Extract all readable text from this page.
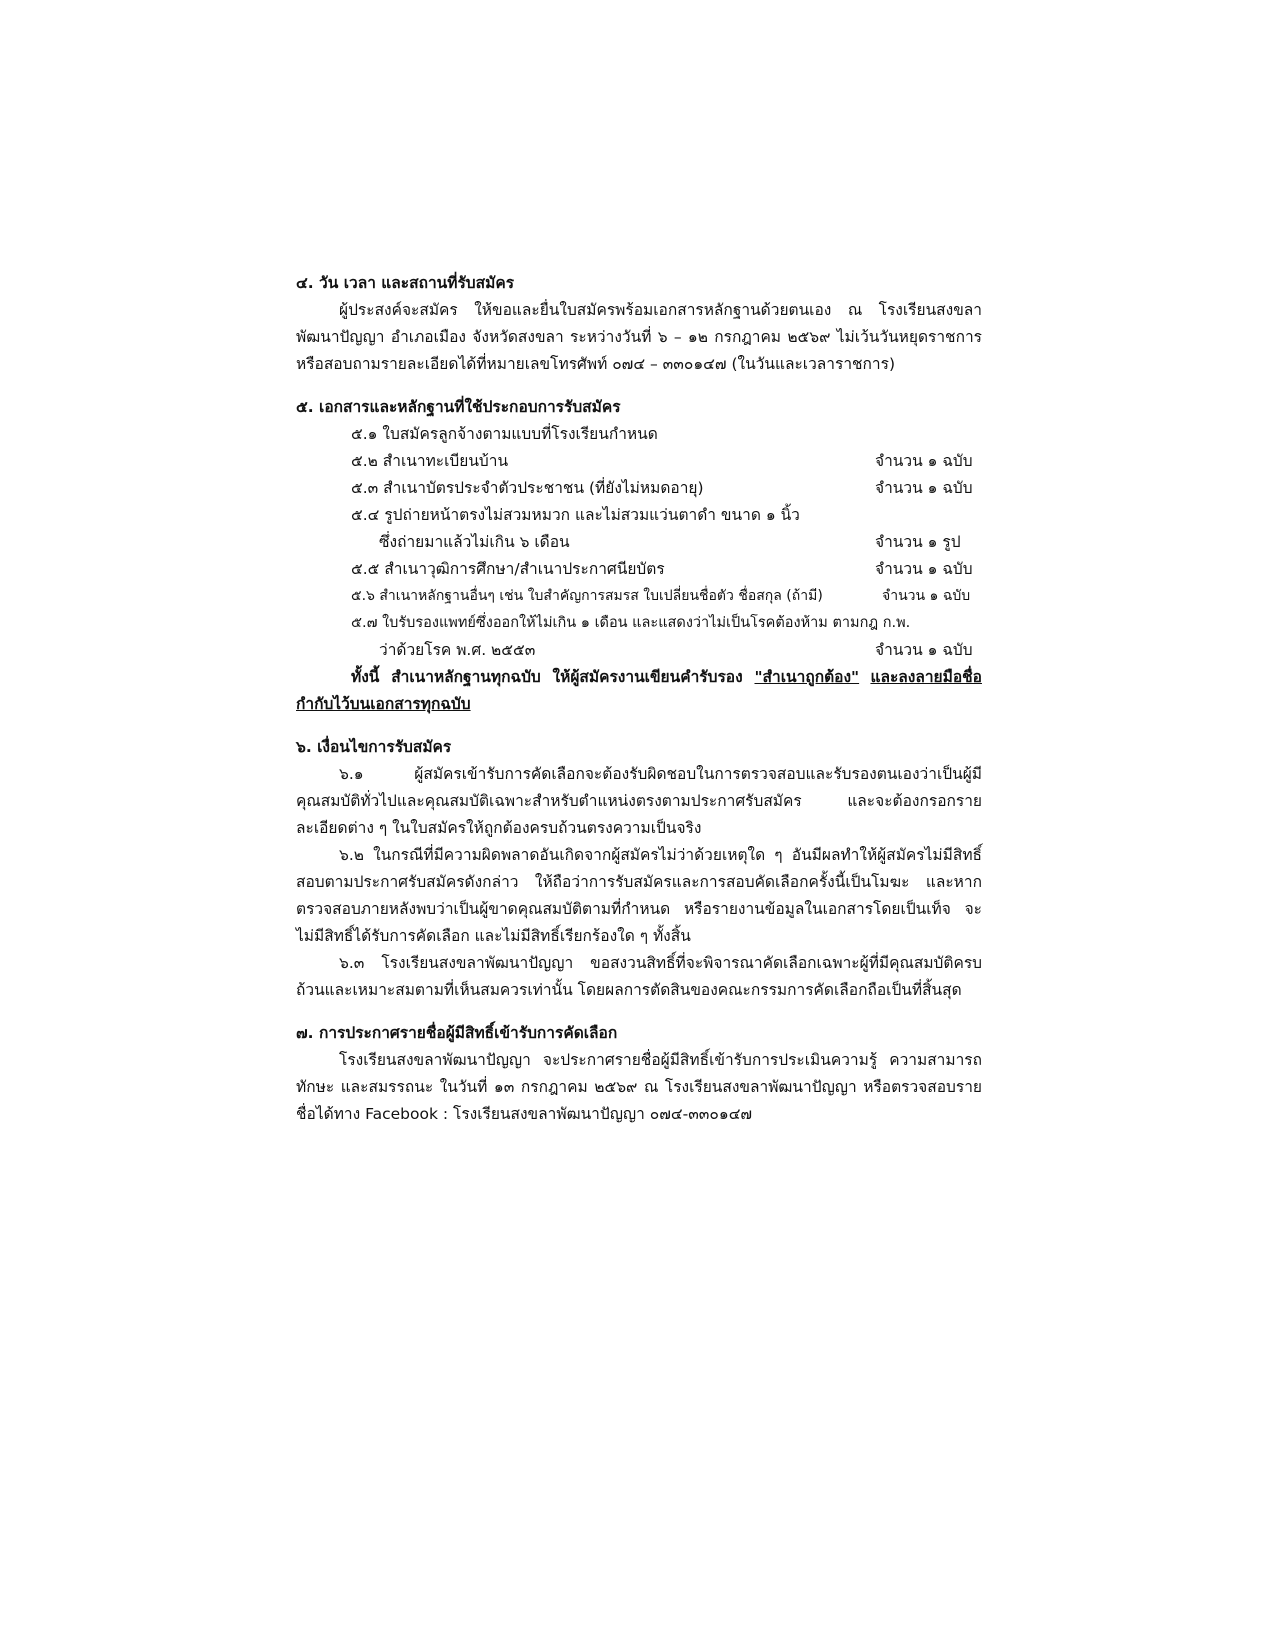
๔. วัน เวลา และสถานที่รับสมัคร

ผู้ประสงค์จะสมัคร ให้ขอและยื่นใบสมัครพร้อมเอกสารหลักฐานด้วยตนเอง ณ โรงเรียนสงขลาพัฒนาปัญญา อำเภอเมือง จังหวัดสงขลา ระหว่างวันที่ ๖ – ๑๒ กรกฎาคม ๒๕๖๙ ไม่เว้นวันหยุดราชการหรือสอบถามรายละเอียดได้ที่หมายเลขโทรศัพท์ ๐๗๔ – ๓๓๐๑๔๗ (ในวันและเวลาราชการ)

๕. เอกสารและหลักฐานที่ใช้ประกอบการรับสมัคร

๕.๑ ใบสมัครลูกจ้างตามแบบที่โรงเรียนกำหนด
๕.๒ สำเนาทะเบียนบ้าน	จำนวน ๑ ฉบับ
๕.๓ สำเนาบัตรประจำตัวประชาชน (ที่ยังไม่หมดอายุ)	จำนวน ๑ ฉบับ
๕.๔ รูปถ่ายหน้าตรงไม่สวมหมวก และไม่สวมแว่นตาดำ ขนาด ๑ นิ้ว
ซึ่งถ่ายมาแล้วไม่เกิน ๖ เดือน	จำนวน ๑ รูป
๕.๕ สำเนาวุฒิการศึกษา/สำเนาประกาศนียบัตร	จำนวน ๑ ฉบับ
๕.๖ สำเนาหลักฐานอื่นๆ เช่น ใบสำคัญการสมรส ใบเปลี่ยนชื่อตัว ชื่อสกุล (ถ้ามี)	จำนวน ๑ ฉบับ
๕.๗ ใบรับรองแพทย์ซึ่งออกให้ไม่เกิน ๑ เดือน และแสดงว่าไม่เป็นโรคต้องห้าม ตามกฎ ก.พ.
ว่าด้วยโรค พ.ศ. ๒๕๕๓	จำนวน ๑ ฉบับ

ทั้งนี้ สำเนาหลักฐานทุกฉบับ ให้ผู้สมัครงานเขียนคำรับรอง "สำเนาถูกต้อง" และลงลายมือชื่อกำกับไว้บนเอกสารทุกฉบับ

๖. เงื่อนไขการรับสมัคร

๖.๑ ผู้สมัครเข้ารับการคัดเลือกจะต้องรับผิดชอบในการตรวจสอบและรับรองตนเองว่าเป็นผู้มีคุณสมบัติทั่วไปและคุณสมบัติเฉพาะสำหรับตำแหน่งตรงตามประกาศรับสมัคร และจะต้องกรอกรายละเอียดต่าง ๆ ในใบสมัครให้ถูกต้องครบถ้วนตรงความเป็นจริง

๖.๒ ในกรณีที่มีความผิดพลาดอันเกิดจากผู้สมัครไม่ว่าด้วยเหตุใด ๆ อันมีผลทำให้ผู้สมัครไม่มีสิทธิ์สอบตามประกาศรับสมัครดังกล่าว ให้ถือว่าการรับสมัครและการสอบคัดเลือกครั้งนี้เป็นโมฆะ และหากตรวจสอบภายหลังพบว่าเป็นผู้ขาดคุณสมบัติตามที่กำหนด หรือรายงานข้อมูลในเอกสารโดยเป็นเท็จ จะไม่มีสิทธิ์ได้รับการคัดเลือก และไม่มีสิทธิ์เรียกร้องใด ๆ ทั้งสิ้น

๖.๓ โรงเรียนสงขลาพัฒนาปัญญา ขอสงวนสิทธิ์ที่จะพิจารณาคัดเลือกเฉพาะผู้ที่มีคุณสมบัติครบถ้วนและเหมาะสมตามที่เห็นสมควรเท่านั้น โดยผลการตัดสินของคณะกรรมการคัดเลือกถือเป็นที่สิ้นสุด

๗. การประกาศรายชื่อผู้มีสิทธิ์เข้ารับการคัดเลือก

โรงเรียนสงขลาพัฒนาปัญญา จะประกาศรายชื่อผู้มีสิทธิ์เข้ารับการประเมินความรู้ ความสามารถ ทักษะ และสมรรถนะ ในวันที่ ๑๓ กรกฎาคม ๒๕๖๙ ณ โรงเรียนสงขลาพัฒนาปัญญา หรือตรวจสอบรายชื่อได้ทาง Facebook : โรงเรียนสงขลาพัฒนาปัญญา ๐๗๔-๓๓๐๑๔๗
